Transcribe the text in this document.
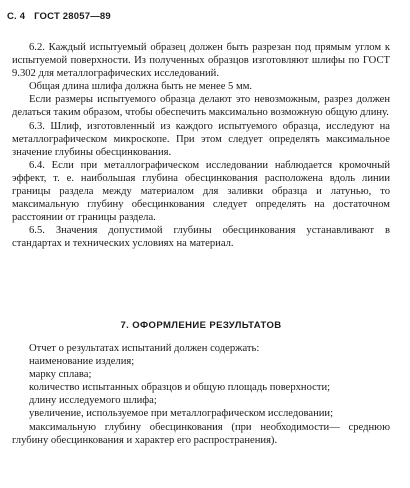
С. 4 ГОСТ 28057—89

6.2. Каждый испытуемый образец должен быть разрезан под прямым углом к испытуемой поверхности. Из полученных образцов изготовляют шлифы по ГОСТ 9.302 для металлографических исследований.

Общая длина шлифа должна быть не менее 5 мм.

Если размеры испытуемого образца делают это невозможным, разрез должен делаться таким образом, чтобы обеспечить максимально возможную общую длину.

6.3. Шлиф, изготовленный из каждого испытуемого образца, исследуют на металлографическом микроскопе. При этом следует определять максимальное значение глубины обесцинкования.

6.4. Если при металлографическом исследовании наблюдается кромочный эффект, т. е. наибольшая глубина обесцинкования расположена вдоль линии границы раздела между материалом для заливки образца и латунью, то максимальную глубину обесцинкования следует определять на достаточном расстоянии от границы раздела.

6.5. Значения допустимой глубины обесцинкования устанавливают в стандартах и технических условиях на материал.

7. ОФОРМЛЕНИЕ РЕЗУЛЬТАТОВ

Отчет о результатах испытаний должен содержать:

наименование изделия;

марку сплава;

количество испытанных образцов и общую площадь поверхности;

длину исследуемого шлифа;

увеличение, используемое при металлографическом исследовании;

максимальную глубину обесцинкования (при необходимости— среднюю глубину обесцинкования и характер его распространения).
